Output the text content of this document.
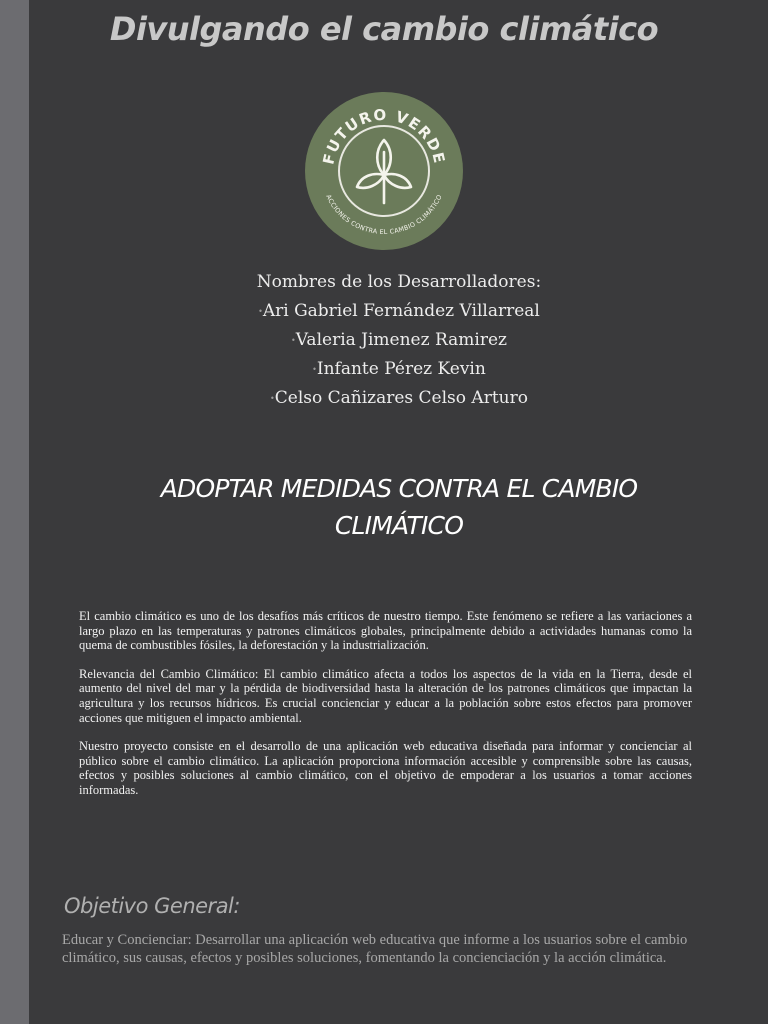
Divulgando el cambio climático
FUTURO VERDE
ACCIONES CONTRA EL CAMBIO CLIMÁTICO
Nombres de los Desarrolladores:
•Ari Gabriel Fernández Villarreal
•Valeria Jimenez Ramirez
•Infante Pérez Kevin
•Celso Cañizares Celso Arturo
ADOPTAR MEDIDAS CONTRA EL CAMBIO CLIMÁTICO

El cambio climático es uno de los desafíos más críticos de nuestro tiempo. Este fenómeno se refiere a las variaciones a largo plazo en las temperaturas y patrones climáticos globales, principalmente debido a actividades humanas como la quema de combustibles fósiles, la deforestación y la industrialización.

Relevancia del Cambio Climático: El cambio climático afecta a todos los aspectos de la vida en la Tierra, desde el aumento del nivel del mar y la pérdida de biodiversidad hasta la alteración de los patrones climáticos que impactan la agricultura y los recursos hídricos. Es crucial concienciar y educar a la población sobre estos efectos para promover acciones que mitiguen el impacto ambiental.

Nuestro proyecto consiste en el desarrollo de una aplicación web educativa diseñada para informar y concienciar al público sobre el cambio climático. La aplicación proporciona información accesible y comprensible sobre las causas, efectos y posibles soluciones al cambio climático, con el objetivo de empoderar a los usuarios a tomar acciones informadas.

Objetivo General:
Educar y Concienciar: Desarrollar una aplicación web educativa que informe a los usuarios sobre el cambio climático, sus causas, efectos y posibles soluciones, fomentando la concienciación y la acción climática.
